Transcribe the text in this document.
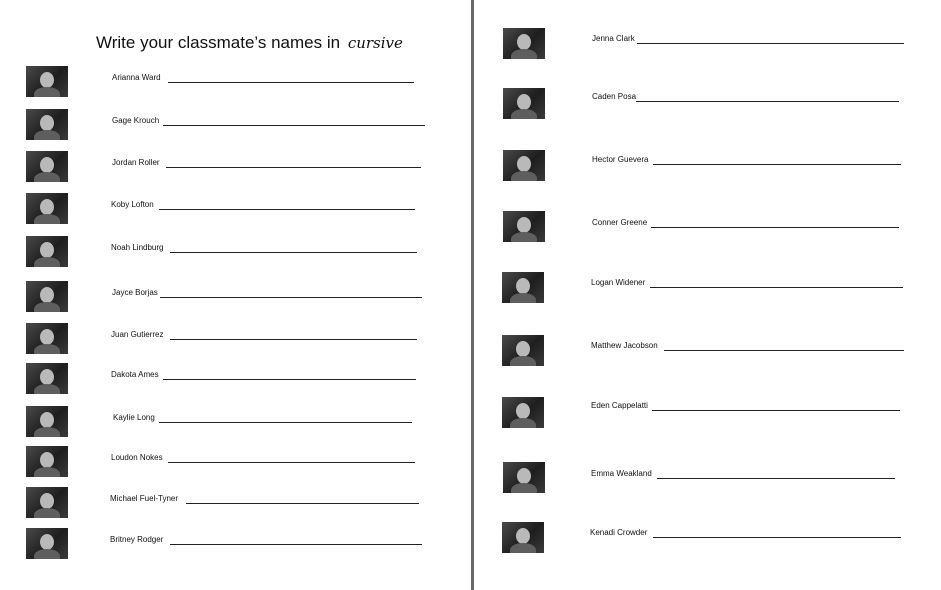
Write your classmate’s names in cursive
Arianna Ward
Gage Krouch
Jordan Roller
Koby Lofton
Noah Lindburg
Jayce Borjas
Juan Gutierrez
Dakota Ames
Kaylie Long
Loudon Nokes
Michael Fuel-Tyner
Britney Rodger
Jenna Clark
Caden Posa
Hector Guevera
Conner Greene
Logan Widener
Matthew Jacobson
Eden Cappelatti
Emma Weakland
Kenadi Crowder
